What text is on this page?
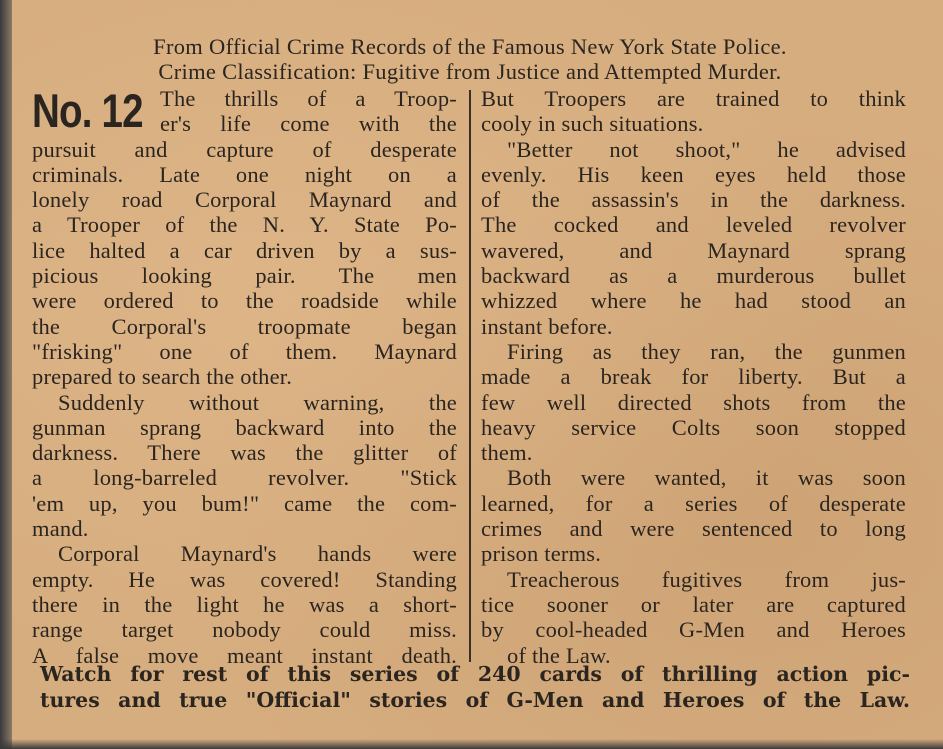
From Official Crime Records of the Famous New York State Police.
Crime Classification: Fugitive from Justice and Attempted Murder.
No. 12 The thrills of a Troop-
er's life come with the
pursuit and capture of desperate
criminals. Late one night on a
lonely road Corporal Maynard and
a Trooper of the N. Y. State Po-
lice halted a car driven by a sus-
picious looking pair. The men
were ordered to the roadside while
the Corporal's troopmate began
"frisking" one of them. Maynard
prepared to search the other.
Suddenly without warning, the
gunman sprang backward into the
darkness. There was the glitter of
a long-barreled revolver. "Stick
'em up, you bum!" came the com-
mand.
Corporal Maynard's hands were
empty. He was covered! Standing
there in the light he was a short-
range target nobody could miss.
A false move meant instant death.
But Troopers are trained to think
cooly in such situations.
"Better not shoot," he advised
evenly. His keen eyes held those
of the assassin's in the darkness.
The cocked and leveled revolver
wavered, and Maynard sprang
backward as a murderous bullet
whizzed where he had stood an
instant before.
Firing as they ran, the gunmen
made a break for liberty. But a
few well directed shots from the
heavy service Colts soon stopped
them.
Both were wanted, it was soon
learned, for a series of desperate
crimes and were sentenced to long
prison terms.
Treacherous fugitives from jus-
tice sooner or later are captured
by cool-headed G-Men and Heroes
of the Law.
Watch for rest of this series of 240 cards of thrilling action pic-
tures and true "Official" stories of G-Men and Heroes of the Law.
